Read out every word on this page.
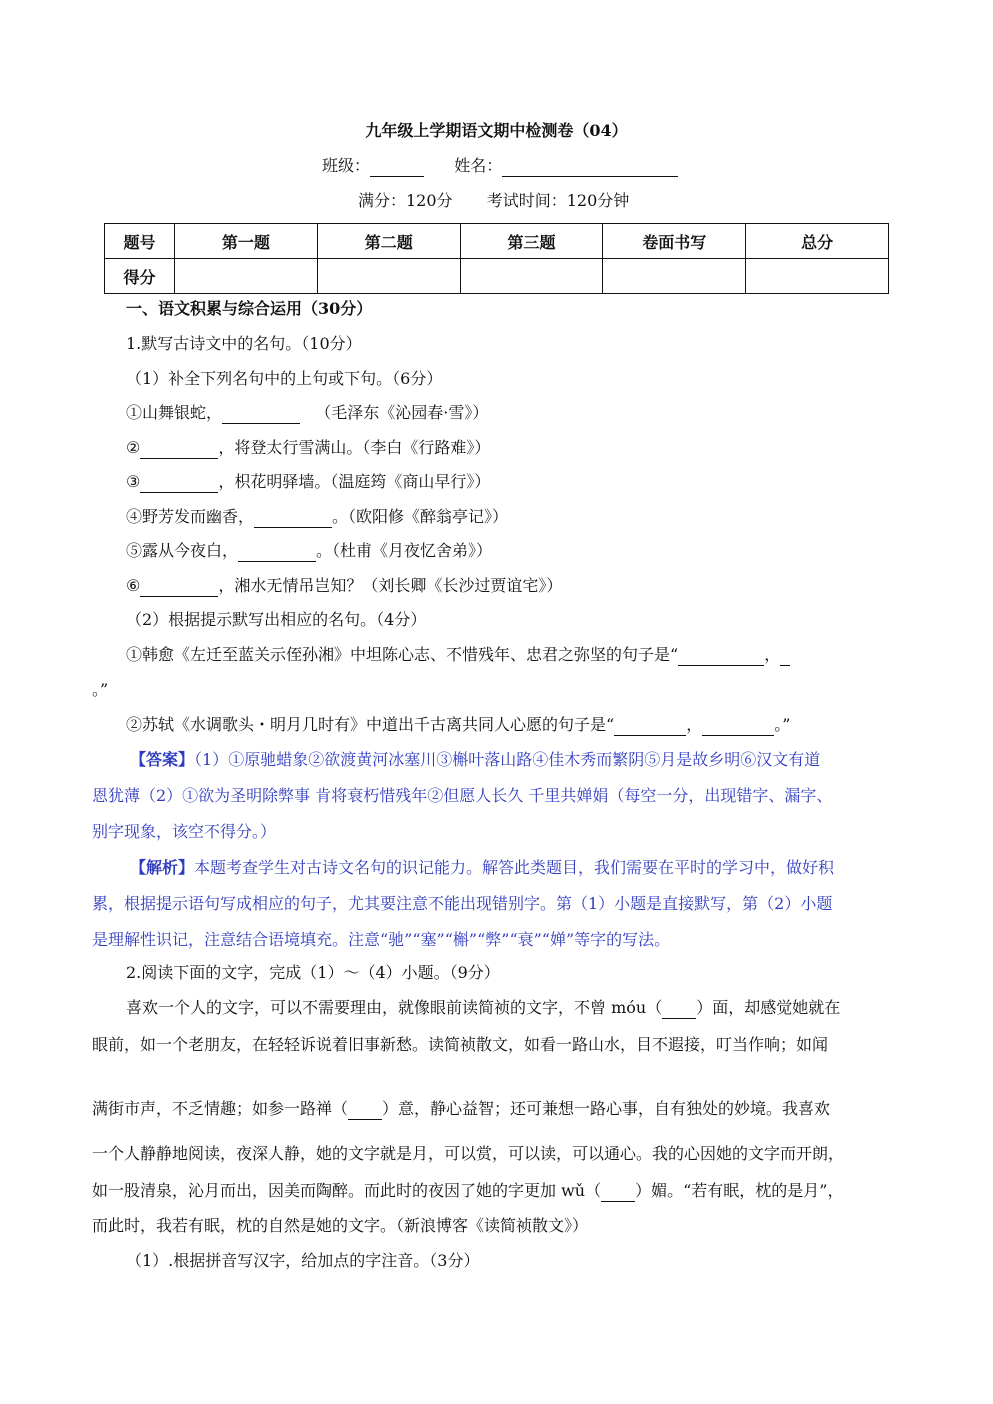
九年级上学期语文期中检测卷（04）
班级：	姓名：
满分：120分 考试时间：120分钟
题号	第一题	第二题	第三题	卷面书写	总分
得分					
一、语文积累与综合运用（30分）
1.默写古诗文中的名句。（10分）
（1）补全下列名句中的上句或下句。（6分）
①山舞银蛇，	（毛泽东《沁园春·雪》）
②	，将登太行雪满山。（李白《行路难》）
③	，枳花明驿墙。（温庭筠《商山早行》）
④野芳发而幽香，	。（欧阳修《醉翁亭记》）
⑤露从今夜白，	。（杜甫《月夜忆舍弟》）
⑥	，湘水无情吊岂知？（刘长卿《长沙过贾谊宅》）
（2）根据提示默写出相应的名句。（4分）
①韩愈《左迁至蓝关示侄孙湘》中坦陈心志、不惜残年、忠君之弥坚的句子是“	，
。”
②苏轼《水调歌头・明月几时有》中道出千古离共同人心愿的句子是“	，	。”
【答案】（1）①原驰蜡象②欲渡黄河冰塞川③槲叶落山路④佳木秀而繁阴⑤月是故乡明⑥汉文有道
恩犹薄（2）①欲为圣明除弊事 肯将衰朽惜残年②但愿人长久 千里共婵娟（每空一分，出现错字、漏字、
别字现象，该空不得分。）
【解析】本题考查学生对古诗文名句的识记能力。解答此类题目，我们需要在平时的学习中，做好积
累，根据提示语句写成相应的句子，尤其要注意不能出现错别字。第（1）小题是直接默写，第（2）小题
是理解性识记，注意结合语境填充。注意“驰”“塞”“槲”“弊”“衰”“婵”等字的写法。
2.阅读下面的文字，完成（1）～（4）小题。（9分）
喜欢一个人的文字，可以不需要理由，就像眼前读简祯的文字，不曾 móu（ ）面，却感觉她就在
眼前，如一个老朋友，在轻轻诉说着旧事新愁。读简祯散文，如看一路山水，目不遐接，叮当作响；如闻
满街市声，不乏情趣；如参一路禅（ ）意，静心益智；还可兼想一路心事，自有独处的妙境。我喜欢
一个人静静地阅读，夜深人静，她的文字就是月，可以赏，可以读，可以通心。我的心因她的文字而开朗，
如一股清泉，沁月而出，因美而陶醉。而此时的夜因了她的字更加 wǔ（ ）媚。“若有眠，枕的是月”，
而此时，我若有眠，枕的自然是她的文字。（新浪博客《读简祯散文》）
（1）.根据拼音写汉字，给加点的字注音。（3分）
